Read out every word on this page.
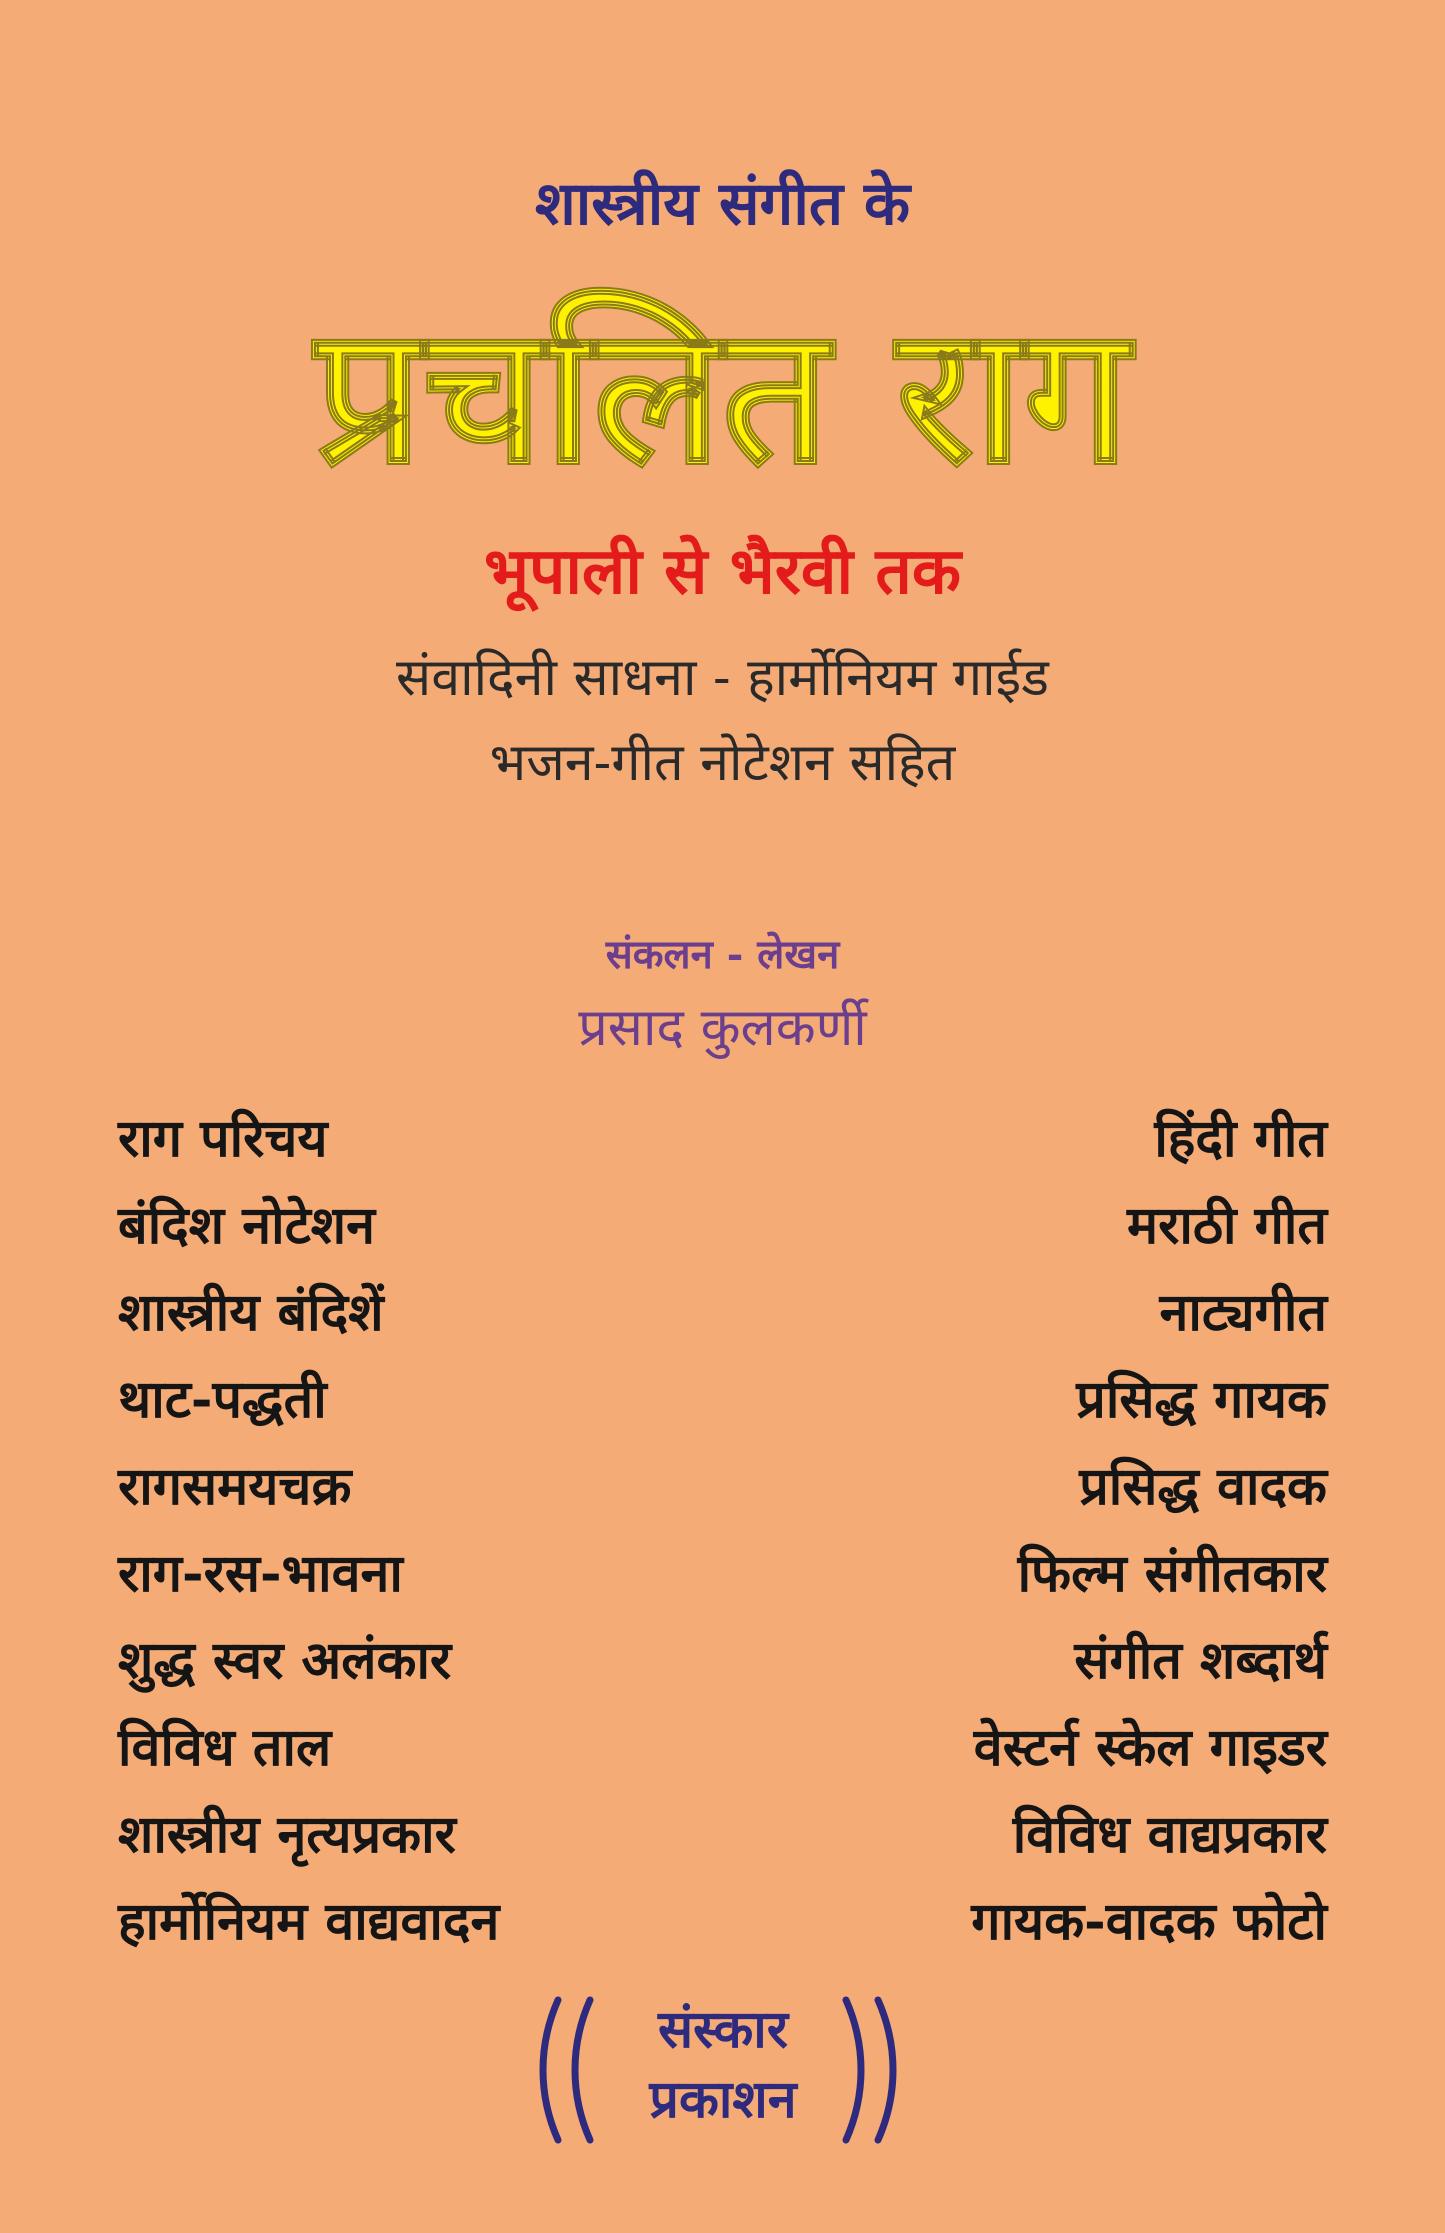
शास्त्रीय संगीत के
प्रचलित राग
भूपाली से भैरवी तक
संवादिनी साधना - हार्मोनियम गाईड
भजन-गीत नोटेशन सहित
संकलन - लेखन
प्रसाद कुलकर्णी
राग परिचय
बंदिश नोटेशन
शास्त्रीय बंदिशें
थाट-पद्धती
रागसमयचक्र
राग-रस-भावना
शुद्ध स्वर अलंकार
विविध ताल
शास्त्रीय नृत्यप्रकार
हार्मोनियम वाद्यवादन
हिंदी गीत
मराठी गीत
नाट्यगीत
प्रसिद्ध गायक
प्रसिद्ध वादक
फिल्म संगीतकार
संगीत शब्दार्थ
वेस्टर्न स्केल गाइडर
विविध वाद्यप्रकार
गायक-वादक फोटो
संस्कार
प्रकाशन
